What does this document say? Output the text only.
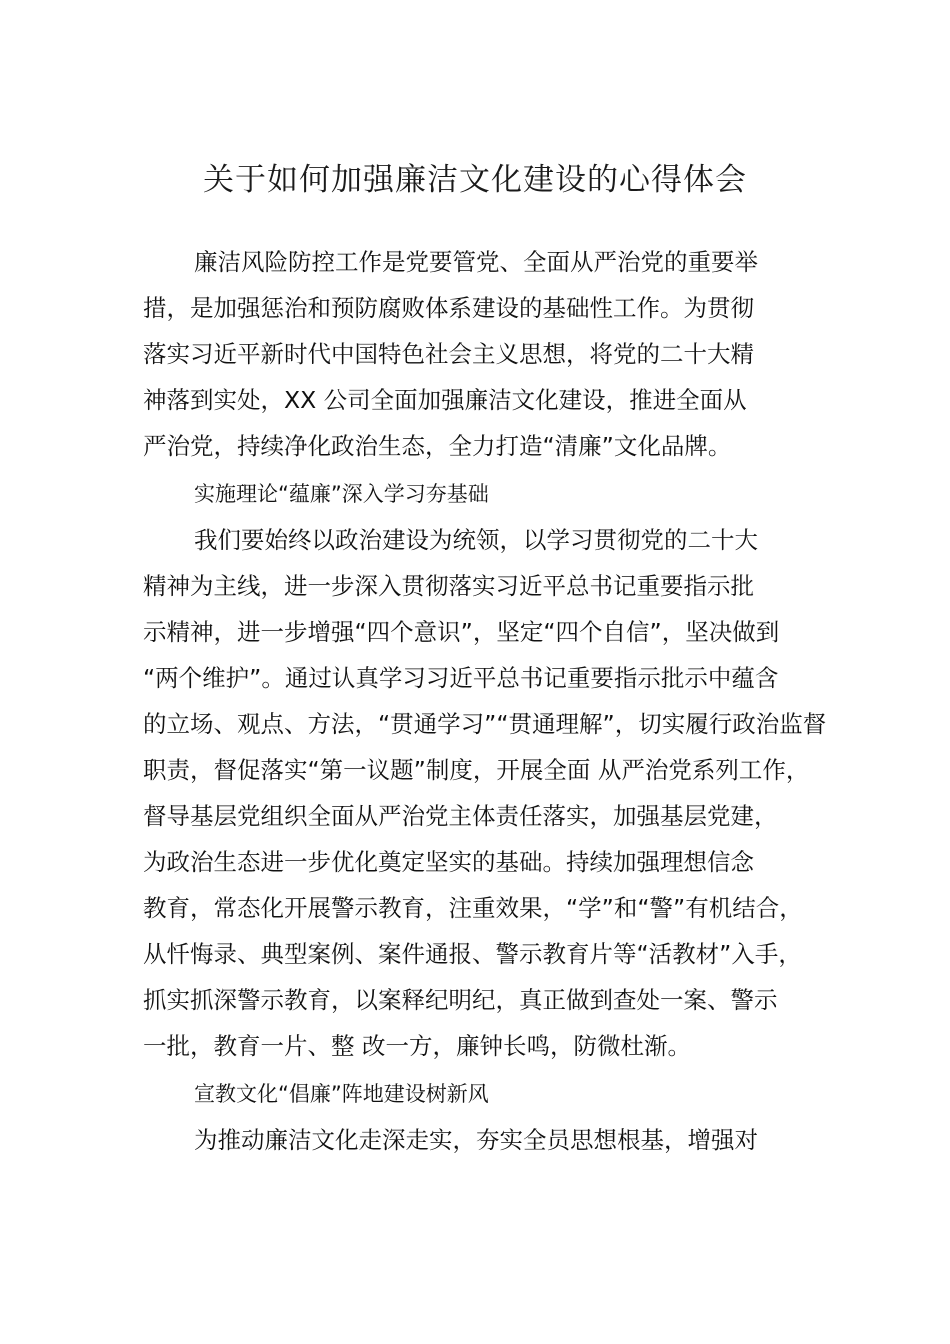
关于如何加强廉洁文化建设的心得体会
廉洁风险防控工作是党要管党、全面从严治党的重要举
措，是加强惩治和预防腐败体系建设的基础性工作。为贯彻
落实习近平新时代中国特色社会主义思想，将党的二十大精
神落到实处，XX 公司全面加强廉洁文化建设，推进全面从
严治党，持续净化政治生态，全力打造“清廉”文化品牌。
实施理论“蕴廉”深入学习夯基础
我们要始终以政治建设为统领，以学习贯彻党的二十大
精神为主线，进一步深入贯彻落实习近平总书记重要指示批
示精神，进一步增强“四个意识”，坚定“四个自信”，坚决做到
“两个维护”。通过认真学习习近平总书记重要指示批示中蕴含
的立场、观点、方法，“贯通学习”“贯通理解”，切实履行政治监督
职责，督促落实“第一议题”制度，开展全面 从严治党系列工作，
督导基层党组织全面从严治党主体责任落实，加强基层党建，
为政治生态进一步优化奠定坚实的基础。持续加强理想信念
教育，常态化开展警示教育，注重效果，“学”和“警”有机结合，
从忏悔录、典型案例、案件通报、警示教育片等“活教材”入手，
抓实抓深警示教育，以案释纪明纪，真正做到查处一案、警示
一批，教育一片、整 改一方，廉钟长鸣，防微杜渐。
宣教文化“倡廉”阵地建设树新风
为推动廉洁文化走深走实，夯实全员思想根基，增强对
